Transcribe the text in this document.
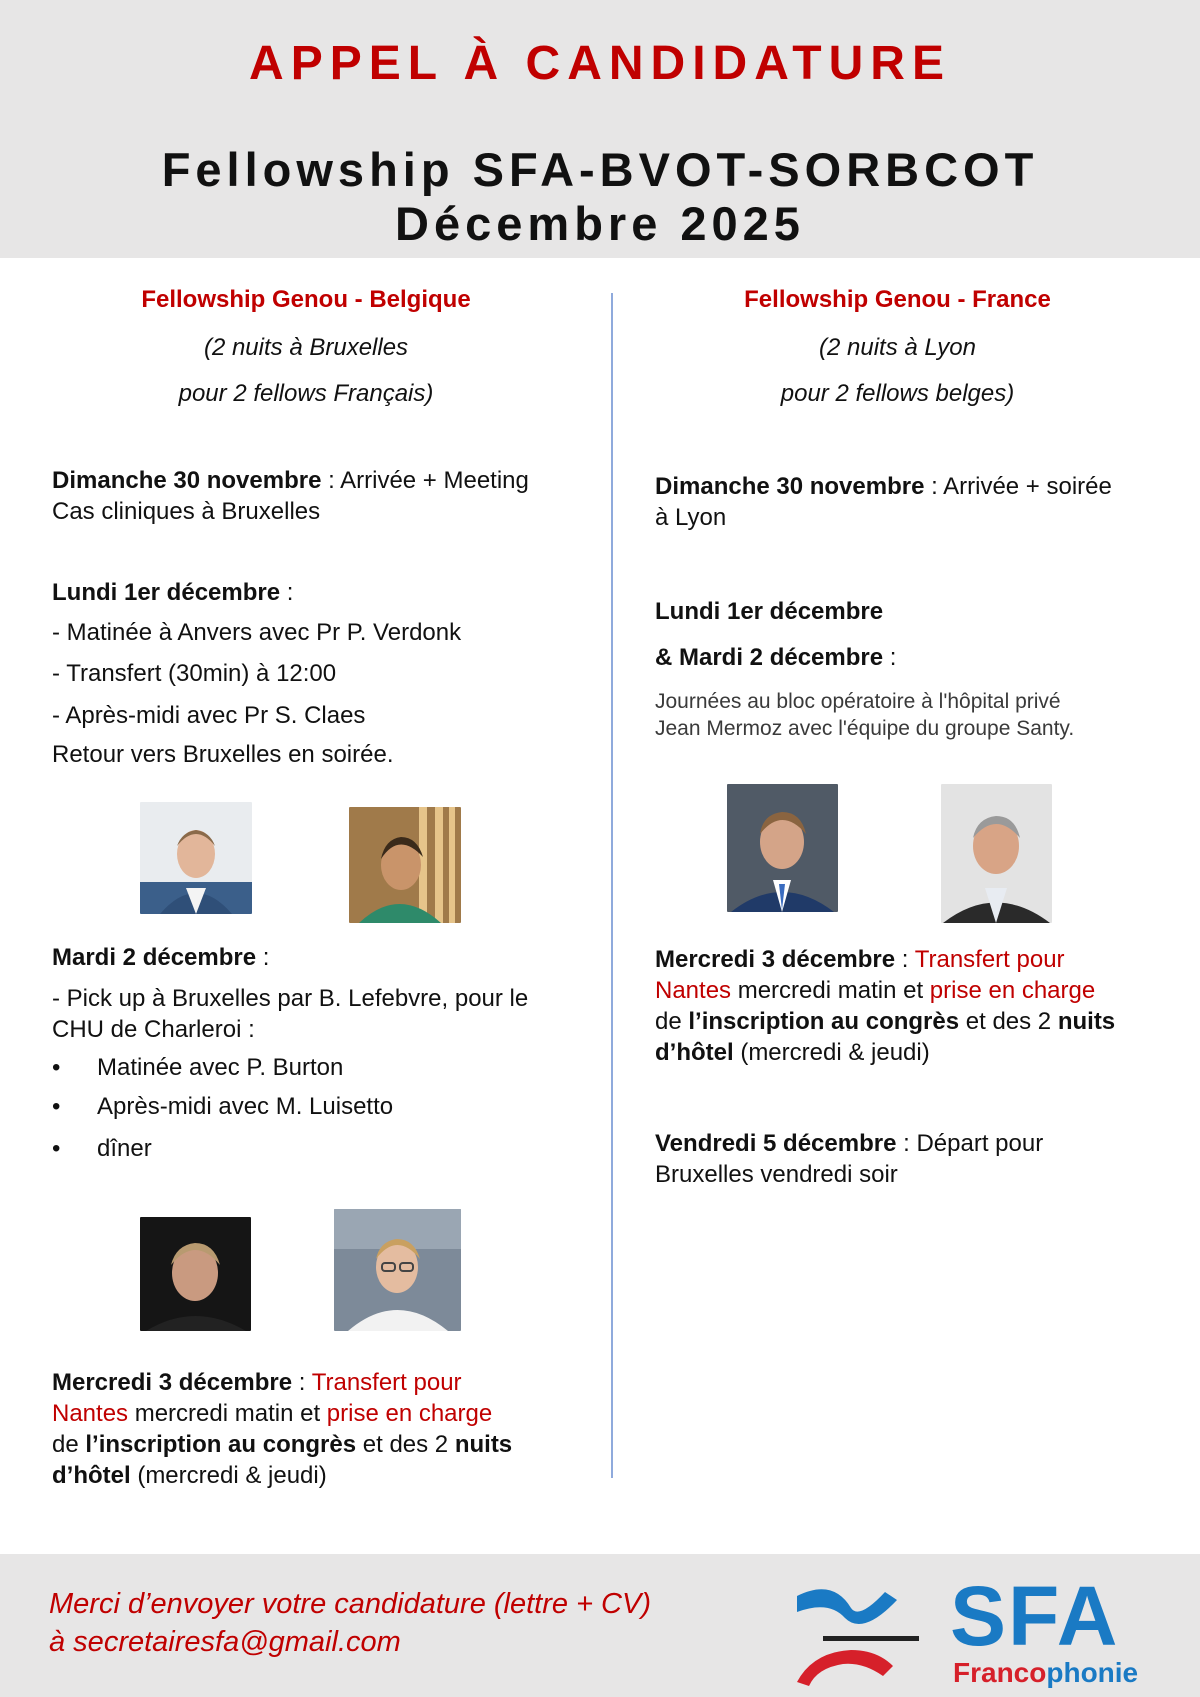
APPEL À CANDIDATURE
Fellowship SFA-BVOT-SORBCOT
Décembre 2025
Fellowship Genou - Belgique
(2 nuits à Bruxelles
pour 2 fellows Français)
Dimanche 30 novembre : Arrivée + Meeting
Cas cliniques à Bruxelles
Lundi 1er décembre :
- Matinée à Anvers avec Pr P. Verdonk
- Transfert (30min) à 12:00
- Après-midi avec Pr S. Claes
Retour vers Bruxelles en soirée.
Mardi 2 décembre :
- Pick up à Bruxelles par B. Lefebvre, pour le
CHU de Charleroi :
• Matinée avec P. Burton
• Après-midi avec M. Luisetto
• dîner
Mercredi 3 décembre : Transfert pour
Nantes mercredi matin et prise en charge
de l’inscription au congrès et des 2 nuits
d’hôtel (mercredi & jeudi)
Fellowship Genou - France
(2 nuits à Lyon
pour 2 fellows belges)
Dimanche 30 novembre : Arrivée + soirée
à Lyon
Lundi 1er décembre
& Mardi 2 décembre :
Journées au bloc opératoire à l'hôpital privé
Jean Mermoz avec l'équipe du groupe Santy.
Mercredi 3 décembre : Transfert pour
Nantes mercredi matin et prise en charge
de l’inscription au congrès et des 2 nuits
d’hôtel (mercredi & jeudi)
Vendredi 5 décembre : Départ pour
Bruxelles vendredi soir
Merci d’envoyer votre candidature (lettre + CV)
à secretairesfa@gmail.com	SFA
Francophonie
